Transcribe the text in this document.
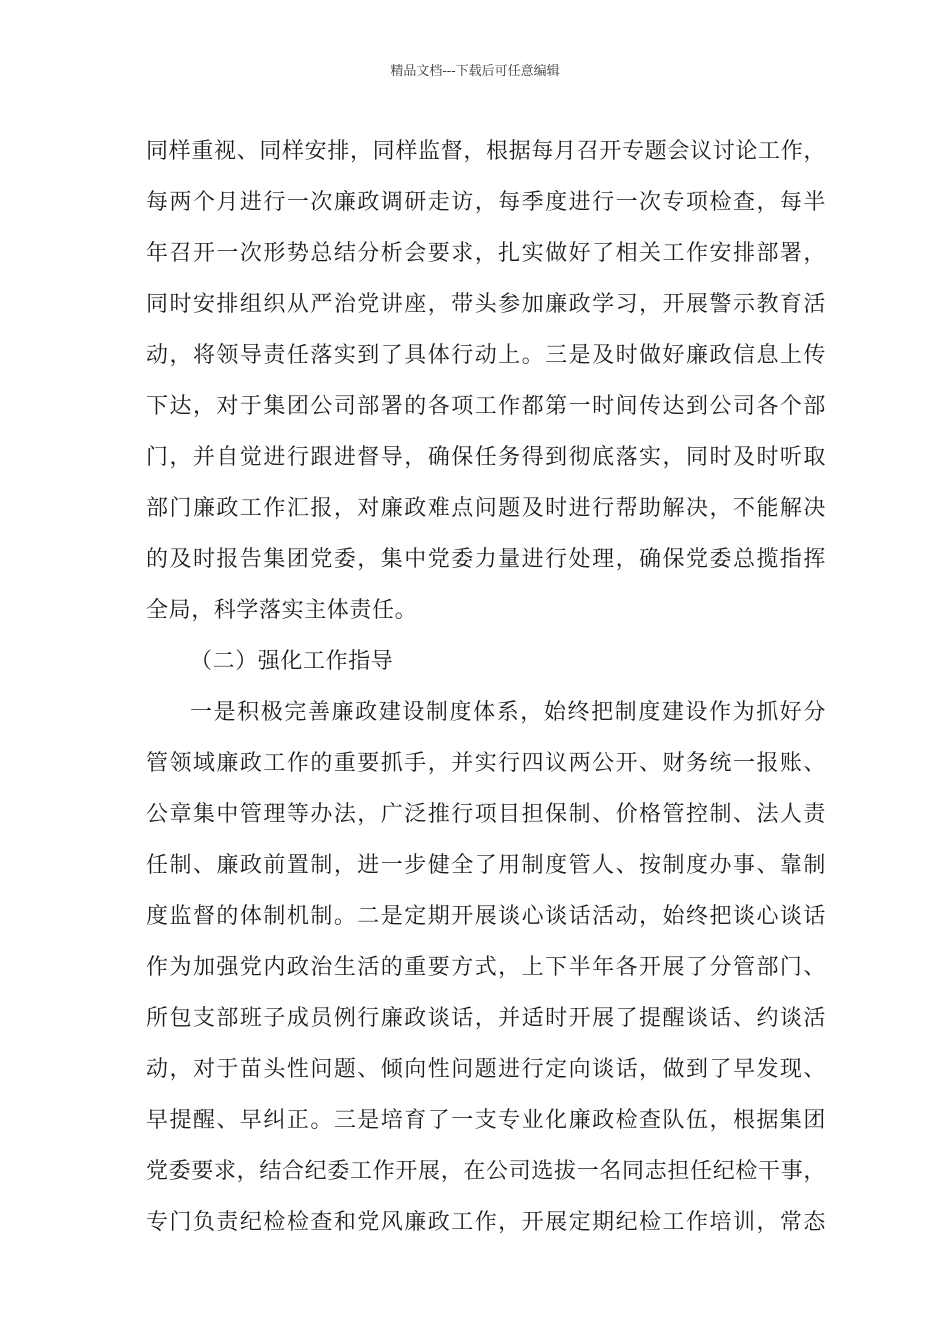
精品文档---下载后可任意编辑
同样重视、同样安排，同样监督，根据每月召开专题会议讨论工作，
每两个月进行一次廉政调研走访，每季度进行一次专项检查，每半
年召开一次形势总结分析会要求，扎实做好了相关工作安排部署，
同时安排组织从严治党讲座，带头参加廉政学习，开展警示教育活
动，将领导责任落实到了具体行动上。三是及时做好廉政信息上传
下达，对于集团公司部署的各项工作都第一时间传达到公司各个部
门，并自觉进行跟进督导，确保任务得到彻底落实，同时及时听取
部门廉政工作汇报，对廉政难点问题及时进行帮助解决，不能解决
的及时报告集团党委，集中党委力量进行处理，确保党委总揽指挥
全局，科学落实主体责任。
（二）强化工作指导
一是积极完善廉政建设制度体系，始终把制度建设作为抓好分
管领域廉政工作的重要抓手，并实行四议两公开、财务统一报账、
公章集中管理等办法，广泛推行项目担保制、价格管控制、法人责
任制、廉政前置制，进一步健全了用制度管人、按制度办事、靠制
度监督的体制机制。二是定期开展谈心谈话活动，始终把谈心谈话
作为加强党内政治生活的重要方式，上下半年各开展了分管部门、
所包支部班子成员例行廉政谈话，并适时开展了提醒谈话、约谈活
动，对于苗头性问题、倾向性问题进行定向谈话，做到了早发现、
早提醒、早纠正。三是培育了一支专业化廉政检查队伍，根据集团
党委要求，结合纪委工作开展，在公司选拔一名同志担任纪检干事，
专门负责纪检检查和党风廉政工作，开展定期纪检工作培训，常态
